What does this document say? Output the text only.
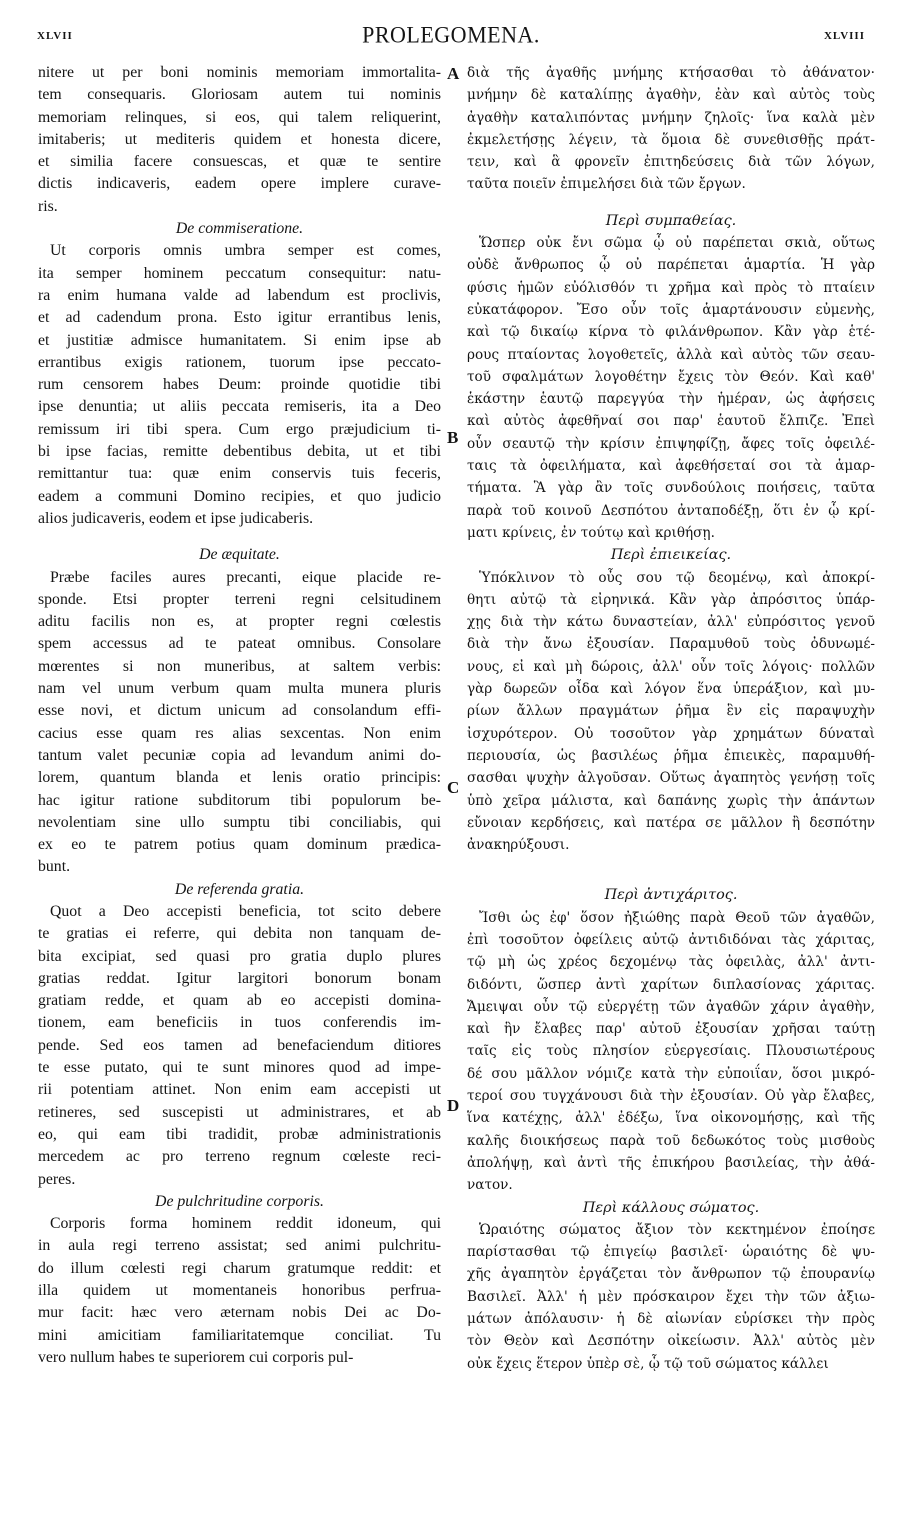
XLVII	PROLEGOMENA.	XLVIII
nitere ut per boni nominis memoriam immortalita-
tem consequaris. Gloriosam autem tui nominis
memoriam relinques, si eos, qui talem reliquerint,
imitaberis; ut mediteris quidem et honesta dicere,
et similia facere consuescas, et quæ te sentire
dictis indicaveris, eadem opere implere curave-
ris.
De commiseratione.
Ut corporis omnis umbra semper est comes,
ita semper hominem peccatum consequitur: natu-
ra enim humana valde ad labendum est proclivis,
et ad cadendum prona. Esto igitur errantibus lenis,
et justitiæ admisce humanitatem. Si enim ipse ab
errantibus exigis rationem, tuorum ipse peccato-
rum censorem habes Deum: proinde quotidie tibi
ipse denuntia; ut aliis peccata remiseris, ita a Deo
remissum iri tibi spera. Cum ergo præjudicium ti-
bi ipse facias, remitte debentibus debita, ut et tibi
remittantur tua: quæ enim conservis tuis feceris,
eadem a communi Domino recipies, et quo judicio
alios judicaveris, eodem et ipse judicaberis.
De æquitate.
Præbe faciles aures precanti, eique placide re-
sponde. Etsi propter terreni regni celsitudinem
aditu facilis non es, at propter regni cœlestis
spem accessus ad te pateat omnibus. Consolare
mœrentes si non muneribus, at saltem verbis:
nam vel unum verbum quam multa munera pluris
esse novi, et dictum unicum ad consolandum effi-
cacius esse quam res alias sexcentas. Non enim
tantum valet pecuniæ copia ad levandum animi do-
lorem, quantum blanda et lenis oratio principis:
hac igitur ratione subditorum tibi populorum be-
nevolentiam sine ullo sumptu tibi conciliabis, qui
ex eo te patrem potius quam dominum prædica-
bunt.
De referenda gratia.
Quot a Deo accepisti beneficia, tot scito debere
te gratias ei referre, qui debita non tanquam de-
bita excipiat, sed quasi pro gratia duplo plures
gratias reddat. Igitur largitori bonorum bonam
gratiam redde, et quam ab eo accepisti domina-
tionem, eam beneficiis in tuos conferendis im-
pende. Sed eos tamen ad benefaciendum ditiores
te esse putato, qui te sunt minores quod ad impe-
rii potentiam attinet. Non enim eam accepisti ut
retineres, sed suscepisti ut administrares, et ab
eo, qui eam tibi tradidit, probæ administrationis
mercedem ac pro terreno regnum cœleste reci-
peres.
De pulchritudine corporis.
Corporis forma hominem reddit idoneum, qui
in aula regi terreno assistat; sed animi pulchritu-
do illum cœlesti regi charum gratumque reddit: et
illa quidem ut momentaneis honoribus perfrua-
mur facit: hæc vero æternam nobis Dei ac Do-
mini amicitiam familiaritatemque conciliat. Tu
vero nullum habes te superiorem cui corporis pul-
διὰ τῆς ἀγαθῆς μνήμης κτήσασθαι τὸ ἀθάνατον·
μνήμην δὲ καταλίπῃς ἀγαθὴν, ἐὰν καὶ αὐτὸς τοὺς
ἀγαθὴν καταλιπόντας μνήμην ζηλοῖς· ἵνα καλὰ μὲν
ἐκμελετήσῃς λέγειν, τὰ ὅμοια δὲ συνεθισθῇς πράτ-
τειν, καὶ ἃ φρονεῖν ἐπιτηδεύσεις διὰ τῶν λόγων,
ταῦτα ποιεῖν ἐπιμελήσει διὰ τῶν ἔργων.
Περὶ συμπαθείας.
Ὥσπερ οὐκ ἔνι σῶμα ᾧ οὐ παρέπεται σκιὰ, οὕτως
οὐδὲ ἄνθρωπος ᾧ οὐ παρέπεται ἁμαρτία. Ἡ γὰρ
φύσις ἡμῶν εὐόλισθόν τι χρῆμα καὶ πρὸς τὸ πταίειν
εὐκατάφορον. Ἔσο οὖν τοῖς ἁμαρτάνουσιν εὐμενὴς,
καὶ τῷ δικαίῳ κίρνα τὸ φιλάνθρωπον. Κἂν γὰρ ἑτέ-
ρους πταίοντας λογοθετεῖς, ἀλλὰ καὶ αὐτὸς τῶν σεαυ-
τοῦ σφαλμάτων λογοθέτην ἔχεις τὸν Θεόν. Καὶ καθ'
ἑκάστην ἑαυτῷ παρεγγύα τὴν ἡμέραν, ὡς ἀφήσεις
καὶ αὐτὸς ἀφεθῆναί σοι παρ' ἑαυτοῦ ἔλπιζε. Ἐπεὶ
οὖν σεαυτῷ τὴν κρίσιν ἐπιψηφίζῃ, ἄφες τοῖς ὀφειλέ-
ταις τὰ ὀφειλήματα, καὶ ἀφεθήσεταί σοι τὰ ἁμαρ-
τήματα. Ἃ γὰρ ἂν τοῖς συνδούλοις ποιήσεις, ταῦτα
παρὰ τοῦ κοινοῦ Δεσπότου ἀνταποδέξῃ, ὅτι ἐν ᾧ κρί-
ματι κρίνεις, ἐν τούτῳ καὶ κριθήσῃ.
Περὶ ἐπιεικείας.
Ὑπόκλινον τὸ οὖς σου τῷ δεομένῳ, καὶ ἀποκρί-
θητι αὐτῷ τὰ εἰρηνικά. Κἂν γὰρ ἀπρόσιτος ὑπάρ-
χῃς διὰ τὴν κάτω δυναστείαν, ἀλλ' εὐπρόσιτος γενοῦ
διὰ τὴν ἄνω ἐξουσίαν. Παραμυθοῦ τοὺς ὀδυνωμέ-
νους, εἰ καὶ μὴ δώροις, ἀλλ' οὖν τοῖς λόγοις· πολλῶν
γὰρ δωρεῶν οἶδα καὶ λόγον ἕνα ὑπεράξιον, καὶ μυ-
ρίων ἄλλων πραγμάτων ῥῆμα ἓν εἰς παραψυχὴν
ἰσχυρότερον. Οὐ τοσοῦτον γὰρ χρημάτων δύναταὶ
περιουσία, ὡς βασιλέως ῥῆμα ἐπιεικὲς, παραμυθή-
σασθαι ψυχὴν ἀλγοῦσαν. Οὕτως ἀγαπητὸς γενήσῃ τοῖς
ὑπὸ χεῖρα μάλιστα, καὶ δαπάνης χωρὶς τὴν ἁπάντων
εὔνοιαν κερδήσεις, καὶ πατέρα σε μᾶλλον ἢ δεσπότην
ἀνακηρύξουσι.
Περὶ ἀντιχάριτος.
Ἴσθι ὡς ἐφ' ὅσον ἠξιώθης παρὰ Θεοῦ τῶν ἀγαθῶν,
ἐπὶ τοσοῦτον ὀφείλεις αὐτῷ ἀντιδιδόναι τὰς χάριτας,
τῷ μὴ ὡς χρέος δεχομένῳ τὰς ὀφειλὰς, ἀλλ' ἀντι-
διδόντι, ὥσπερ ἀντὶ χαρίτων διπλασίονας χάριτας.
Ἄμειψαι οὖν τῷ εὐεργέτῃ τῶν ἀγαθῶν χάριν ἀγαθὴν,
καὶ ἣν ἔλαβες παρ' αὐτοῦ ἐξουσίαν χρῆσαι ταύτῃ
ταῖς εἰς τοὺς πλησίον εὐεργεσίαις. Πλουσιωτέρους
δέ σου μᾶλλον νόμιζε κατὰ τὴν εὐποιΐαν, ὅσοι μικρό-
τεροί σου τυγχάνουσι διὰ τὴν ἐξουσίαν. Οὐ γὰρ ἔλαβες,
ἵνα κατέχῃς, ἀλλ' ἐδέξω, ἵνα οἰκονομήσῃς, καὶ τῆς
καλῆς διοικήσεως παρὰ τοῦ δεδωκότος τοὺς μισθοὺς
ἀπολήψῃ, καὶ ἀντὶ τῆς ἐπικήρου βασιλείας, τὴν ἀθά-
νατον.
Περὶ κάλλους σώματος.
Ὡραιότης σώματος ἄξιον τὸν κεκτημένον ἐποίησε
παρίστασθαι τῷ ἐπιγείῳ βασιλεῖ· ὡραιότης δὲ ψυ-
χῆς ἀγαπητὸν ἐργάζεται τὸν ἄνθρωπον τῷ ἐπουρανίῳ
Βασιλεῖ. Ἀλλ' ἡ μὲν πρόσκαιρον ἔχει τὴν τῶν ἀξιω-
μάτων ἀπόλαυσιν· ἡ δὲ αἰωνίαν εὑρίσκει τὴν πρὸς
τὸν Θεὸν καὶ Δεσπότην οἰκείωσιν. Ἀλλ' αὐτὸς μὲν
οὐκ ἔχεις ἕτερον ὑπὲρ σὲ, ᾧ τῷ τοῦ σώματος κάλλει
A
B
C
D
